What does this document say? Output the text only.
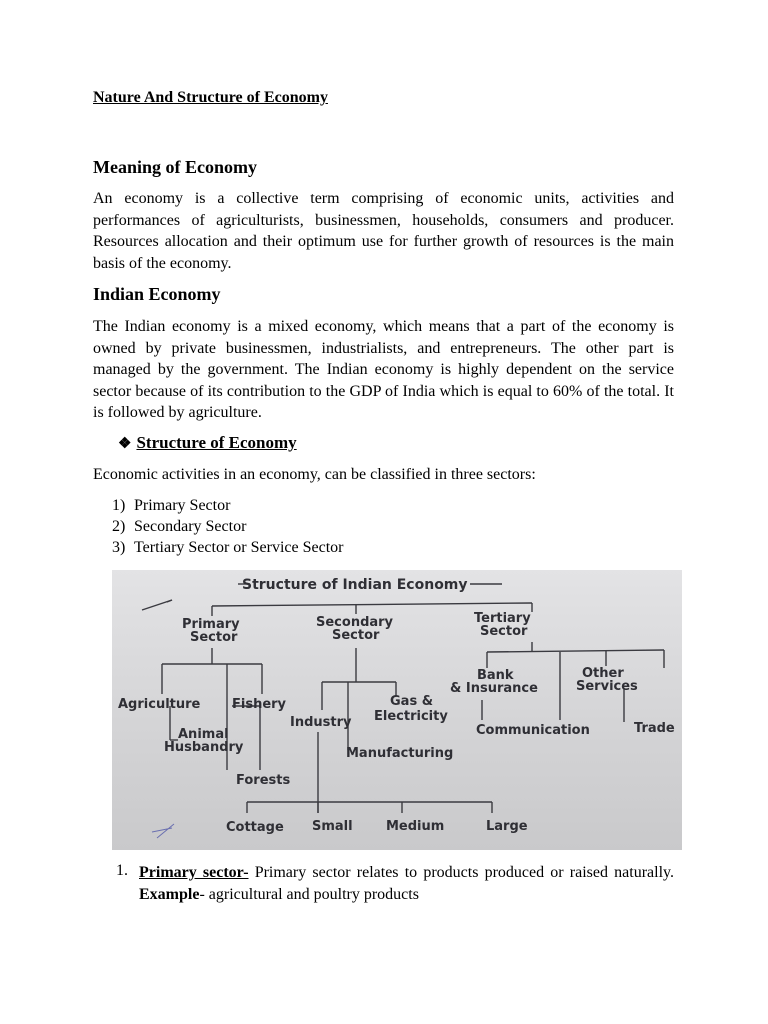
Nature And Structure of Economy
Meaning of Economy
An economy is a collective term comprising of economic units, activities and performances of agriculturists, businessmen, households, consumers and producer. Resources allocation and their optimum use for further growth of resources is the main basis of the economy.
Indian Economy
The Indian economy is a mixed economy, which means that a part of the economy is owned by private businessmen, industrialists, and entrepreneurs. The other part is managed by the government. The Indian economy is highly dependent on the service sector because of its contribution to the GDP of India which is equal to 60% of the total. It is followed by agriculture.
❖ Structure of Economy
Economic activities in an economy, can be classified in three sectors:
1) Primary Sector
2) Secondary Sector
3) Tertiary Sector or Service Sector
Structure of Indian Economy
Primary
Sector
Secondary
Sector
Tertiary
Sector
Agriculture Fishery
Animal
Husbandry
Forests
Industry
Gas &
Electricity
Manufacturing
Bank
& Insurance
Other
Services
Communication	Trade
Cottage Small	Medium	Large
1. Primary sector- Primary sector relates to products produced or raised naturally. Example- agricultural and poultry products
